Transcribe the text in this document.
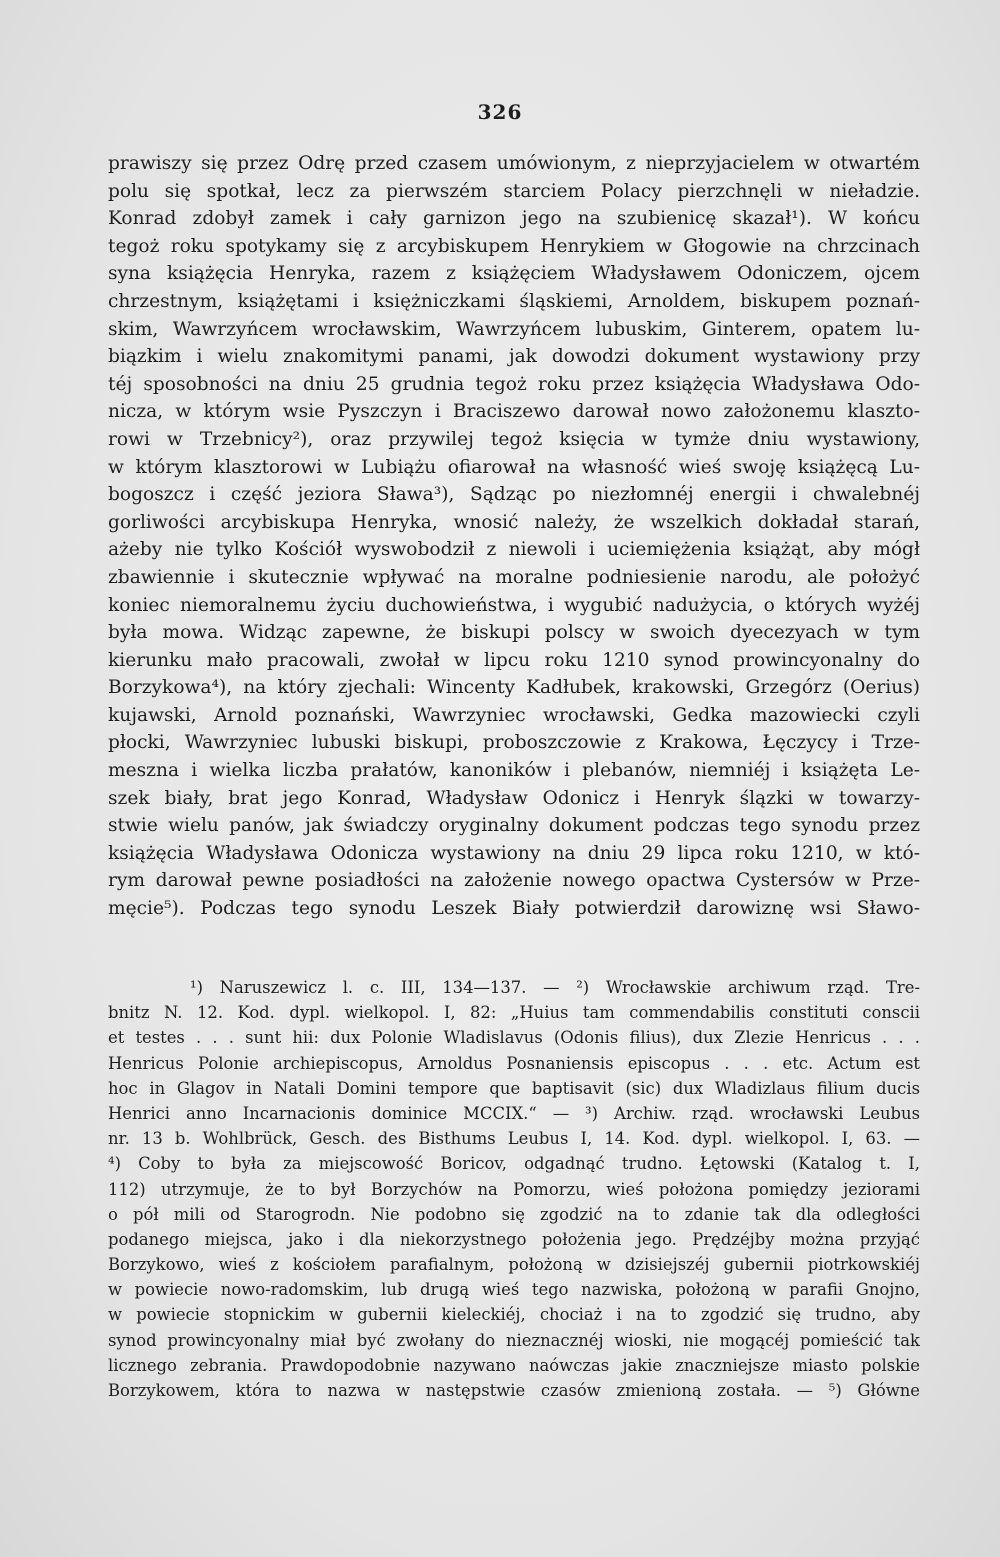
326
prawiszy się przez Odrę przed czasem umówionym, z nieprzyjacielem w otwartém
polu się spotkał, lecz za pierwszém starciem Polacy pierzchnęli w nieładzie.
Konrad zdobył zamek i cały garnizon jego na szubienicę skazał¹). W końcu
tegoż roku spotykamy się z arcybiskupem Henrykiem w Głogowie na chrzcinach
syna książęcia Henryka, razem z książęciem Władysławem Odoniczem, ojcem
chrzestnym, książętami i księżniczkami śląskiemi, Arnoldem, biskupem poznań-
skim, Wawrzyńcem wrocławskim, Wawrzyńcem lubuskim, Ginterem, opatem lu-
biązkim i wielu znakomitymi panami, jak dowodzi dokument wystawiony przy
téj sposobności na dniu 25 grudnia tegoż roku przez książęcia Władysława Odo-
nicza, w którym wsie Pyszczyn i Braciszewo darował nowo założonemu klaszto-
rowi w Trzebnicy²), oraz przywilej tegoż księcia w tymże dniu wystawiony,
w którym klasztorowi w Lubiążu ofiarował na własność wieś swoję książęcą Lu-
bogoszcz i część jeziora Sława³), Sądząc po niezłomnéj energii i chwalebnéj
gorliwości arcybiskupa Henryka, wnosić należy, że wszelkich dokładał starań,
ażeby nie tylko Kościół wyswobodził z niewoli i uciemiężenia książąt, aby mógł
zbawiennie i skutecznie wpływać na moralne podniesienie narodu, ale położyć
koniec niemoralnemu życiu duchowieństwa, i wygubić nadużycia, o których wyżéj
była mowa. Widząc zapewne, że biskupi polscy w swoich dyecezyach w tym
kierunku mało pracowali, zwołał w lipcu roku 1210 synod prowincyonalny do
Borzykowa⁴), na który zjechali: Wincenty Kadłubek, krakowski, Grzegórz (Oerius)
kujawski, Arnold poznański, Wawrzyniec wrocławski, Gedka mazowiecki czyli
płocki, Wawrzyniec lubuski biskupi, proboszczowie z Krakowa, Łęczycy i Trze-
meszna i wielka liczba prałatów, kanoników i plebanów, niemniéj i książęta Le-
szek biały, brat jego Konrad, Władysław Odonicz i Henryk ślązki w towarzy-
stwie wielu panów, jak świadczy oryginalny dokument podczas tego synodu przez
książęcia Władysława Odonicza wystawiony na dniu 29 lipca roku 1210, w któ-
rym darował pewne posiadłości na założenie nowego opactwa Cystersów w Prze-
męcie⁵). Podczas tego synodu Leszek Biały potwierdził darowiznę wsi Sławo-
¹) Naruszewicz l. c. III, 134—137. — ²) Wrocławskie archiwum rząd. Tre-
bnitz N. 12. Kod. dypl. wielkopol. I, 82: „Huius tam commendabilis constituti conscii
et testes . . . sunt hii: dux Polonie Wladislavus (Odonis filius), dux Zlezie Henricus . . .
Henricus Polonie archiepiscopus, Arnoldus Posnaniensis episcopus . . . etc. Actum est
hoc in Glagov in Natali Domini tempore que baptisavit (sic) dux Wladizlaus filium ducis
Henrici anno Incarnacionis dominice MCCIX.“ — ³) Archiw. rząd. wrocławski Leubus
nr. 13 b. Wohlbrück, Gesch. des Bisthums Leubus I, 14. Kod. dypl. wielkopol. I, 63. —
⁴) Coby to była za miejscowość Boricov, odgadnąć trudno. Łętowski (Katalog t. I,
112) utrzymuje, że to był Borzychów na Pomorzu, wieś położona pomiędzy jeziorami
o pół mili od Starogrodn. Nie podobno się zgodzić na to zdanie tak dla odległości
podanego miejsca, jako i dla niekorzystnego położenia jego. Prędzéjby można przyjąć
Borzykowo, wieś z kościołem parafialnym, położoną w dzisiejszéj gubernii piotrkowskiéj
w powiecie nowo-radomskim, lub drugą wieś tego nazwiska, położoną w parafii Gnojno,
w powiecie stopnickim w gubernii kieleckiéj, chociaż i na to zgodzić się trudno, aby
synod prowincyonalny miał być zwołany do nieznacznéj wioski, nie mogącéj pomieścić tak
licznego zebrania. Prawdopodobnie nazywano naówczas jakie znaczniejsze miasto polskie
Borzykowem, która to nazwa w następstwie czasów zmienioną została. — ⁵) Główne
